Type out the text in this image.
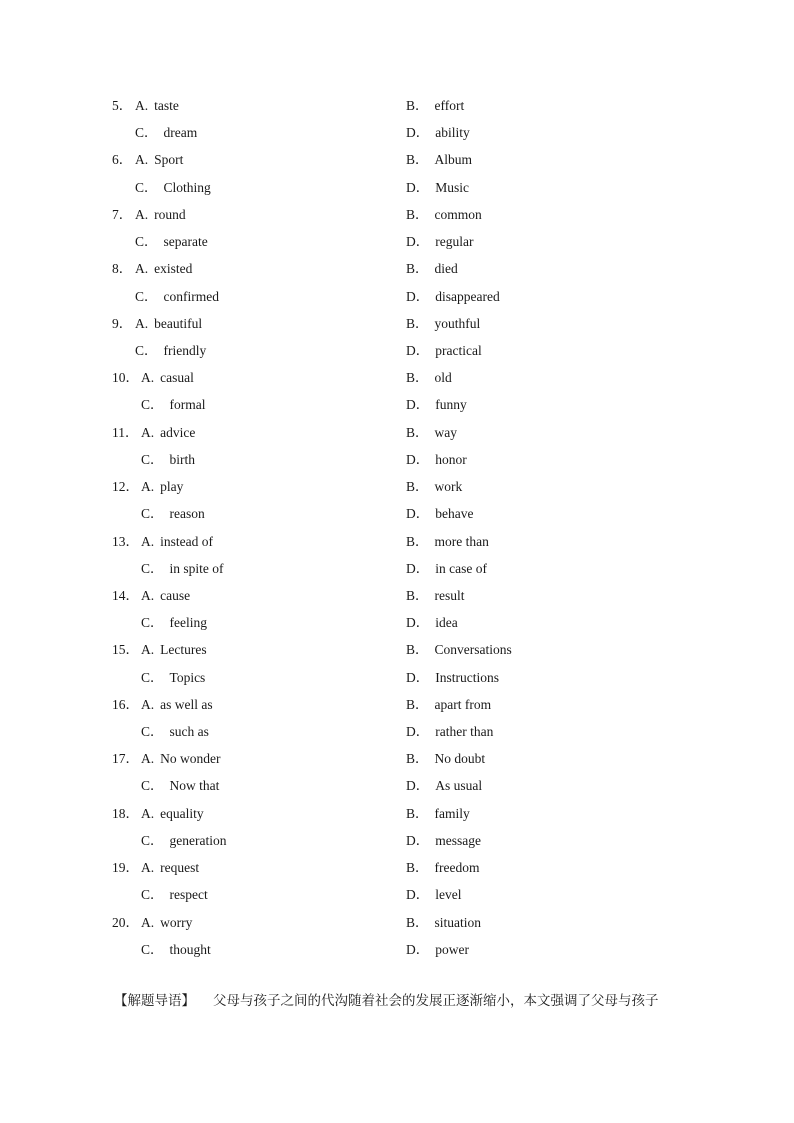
5． A. taste	B． effort
C． dream	D． ability
6． A. Sport	B． Album
C． Clothing	D． Music
7． A. round	B． common
C． separate	D． regular
8． A. existed	B． died
C． confirmed	D． disappeared
9． A. beautiful	B． youthful
C． friendly	D． practical
10． A. casual	B． old
C． formal	D． funny
11． A. advice	B． way
C． birth	D． honor
12． A. play	B． work
C． reason	D． behave
13． A. instead of	B． more than
C． in spite of	D． in case of
14． A. cause	B． result
C． feeling	D． idea
15． A. Lectures	B． Conversations
C． Topics	D． Instructions
16． A. as well as	B． apart from
C． such as	D． rather than
17． A. No wonder	B． No doubt
C． Now that	D． As usual
18． A. equality	B． family
C． generation	D． message
19． A. request	B． freedom
C． respect	D． level
20． A. worry	B． situation
C． thought	D． power
【解题导语】 父母与孩子之间的代沟随着社会的发展正逐渐缩小，本文强调了父母与孩子
